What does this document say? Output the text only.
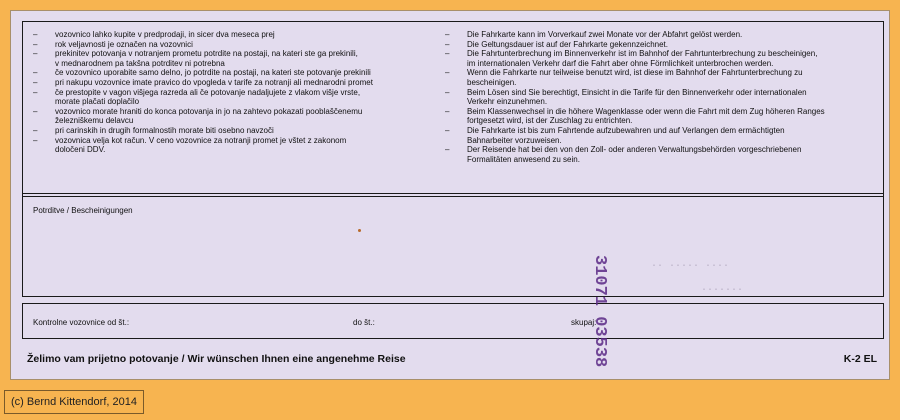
–	vozovnico lahko kupite v predprodaji, in sicer dva meseca prej
–	rok veljavnosti je označen na vozovnici
–	prekinitev potovanja v notranjem prometu potrdite na postaji, na kateri ste ga prekinili,
v mednarodnem pa takšna potrditev ni potrebna
–	če vozovnico uporabite samo delno, jo potrdite na postaji, na kateri ste potovanje prekinili
–	pri nakupu vozovnice imate pravico do vpogleda v tarife za notranji ali mednarodni promet
–	če prestopite v vagon višjega razreda ali če potovanje nadaljujete z vlakom višje vrste,
morate plačati doplačilo
–	vozovnico morate hraniti do konca potovanja in jo na zahtevo pokazati pooblaščenemu
železniškemu delavcu
–	pri carinskih in drugih formalnostih morate biti osebno navzoči
–	vozovnica velja kot račun. V ceno vozovnice za notranji promet je vštet z zakonom
določeni DDV.
–	Die Fahrkarte kann im Vorverkauf zwei Monate vor der Abfahrt gelöst werden.
–	Die Geltungsdauer ist auf der Fahrkarte gekennzeichnet.
–	Die Fahrtunterbrechung im Binnenverkehr ist im Bahnhof der Fahrtunterbrechung zu bescheinigen,
im internationalen Verkehr darf die Fahrt aber ohne Förmlichkeit unterbrochen werden.
–	Wenn die Fahrkarte nur teilweise benutzt wird, ist diese im Bahnhof der Fahrtunterbrechung zu
bescheinigen.
–	Beim Lösen sind Sie berechtigt, Einsicht in die Tarife für den Binnenverkehr oder internationalen
Verkehr einzunehmen.
–	Beim Klassenwechsel in die höhere Wagenklasse oder wenn die Fahrt mit dem Zug höheren Ranges
fortgesetzt wird, ist der Zuschlag zu entrichten.
–	Die Fahrkarte ist bis zum Fahrtende aufzubewahren und auf Verlangen dem ermächtigten
Bahnarbeiter vorzuweisen.
–	Der Reisende hat bei den von den Zoll- oder anderen Verwaltungsbehörden vorgeschriebenen
Formalitäten anwesend zu sein.
Potrditve / Bescheinigungen
·· ····· ····
·······
Kontrolne vozovnice od št.:	do št.:	skupaj:
Želimo vam prijetno potovanje / Wir wünschen Ihnen eine angenehme Reise	K-2 EL
31071 03538
(c) Bernd Kittendorf, 2014
